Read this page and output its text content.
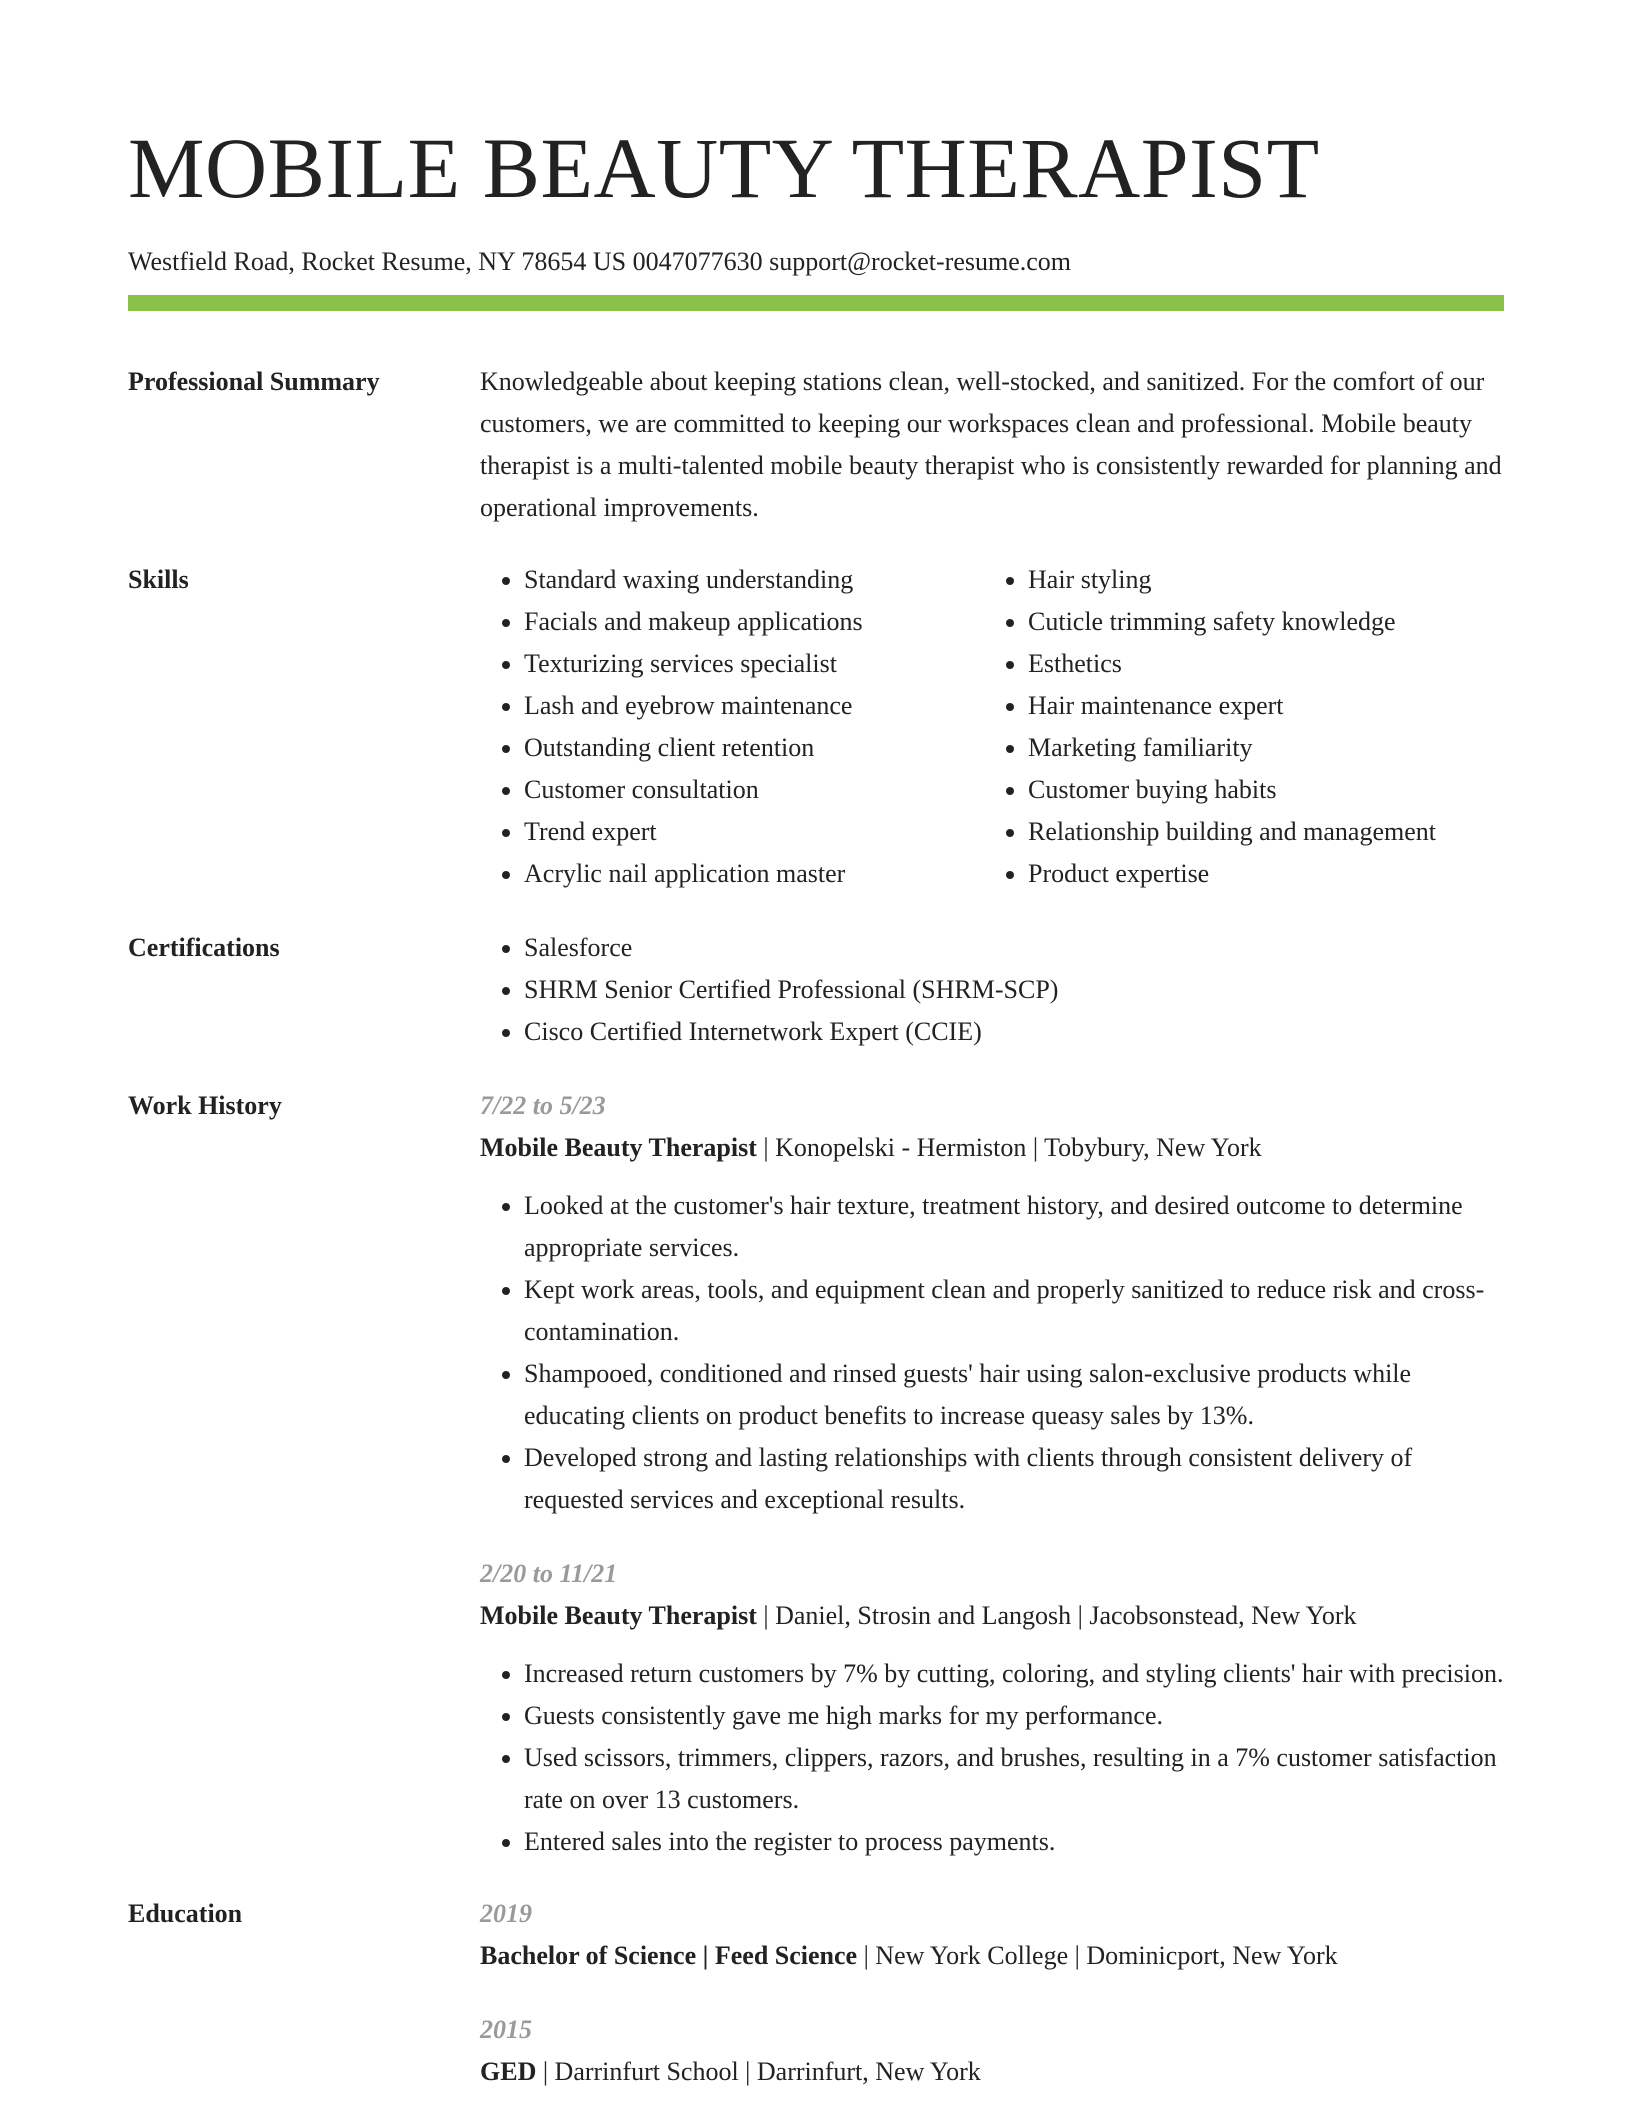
MOBILE BEAUTY THERAPIST
Westfield Road, Rocket Resume, NY 78654 US 0047077630 support@rocket-resume.com
Professional Summary	Knowledgeable about keeping stations clean, well-stocked, and sanitized. For the comfort of our customers, we are committed to keeping our workspaces clean and professional. Mobile beauty therapist is a multi-talented mobile beauty therapist who is consistently rewarded for planning and operational improvements.
Skills	• Standard waxing understanding
• Facials and makeup applications
• Texturizing services specialist
• Lash and eyebrow maintenance
• Outstanding client retention
• Customer consultation
• Trend expert
• Acrylic nail application master
• Hair styling
• Cuticle trimming safety knowledge
• Esthetics
• Hair maintenance expert
• Marketing familiarity
• Customer buying habits
• Relationship building and management
• Product expertise
Certifications	• Salesforce
• SHRM Senior Certified Professional (SHRM-SCP)
• Cisco Certified Internetwork Expert (CCIE)
Work History	7/22 to 5/23
Mobile Beauty Therapist | Konopelski - Hermiston | Tobybury, New York
• Looked at the customer's hair texture, treatment history, and desired outcome to determine appropriate services.
• Kept work areas, tools, and equipment clean and properly sanitized to reduce risk and cross-contamination.
• Shampooed, conditioned and rinsed guests' hair using salon-exclusive products while educating clients on product benefits to increase queasy sales by 13%.
• Developed strong and lasting relationships with clients through consistent delivery of requested services and exceptional results.
2/20 to 11/21
Mobile Beauty Therapist | Daniel, Strosin and Langosh | Jacobsonstead, New York
• Increased return customers by 7% by cutting, coloring, and styling clients' hair with precision.
• Guests consistently gave me high marks for my performance.
• Used scissors, trimmers, clippers, razors, and brushes, resulting in a 7% customer satisfaction rate on over 13 customers.
• Entered sales into the register to process payments.
Education	2019
Bachelor of Science | Feed Science | New York College | Dominicport, New York
2015
GED | Darrinfurt School | Darrinfurt, New York
